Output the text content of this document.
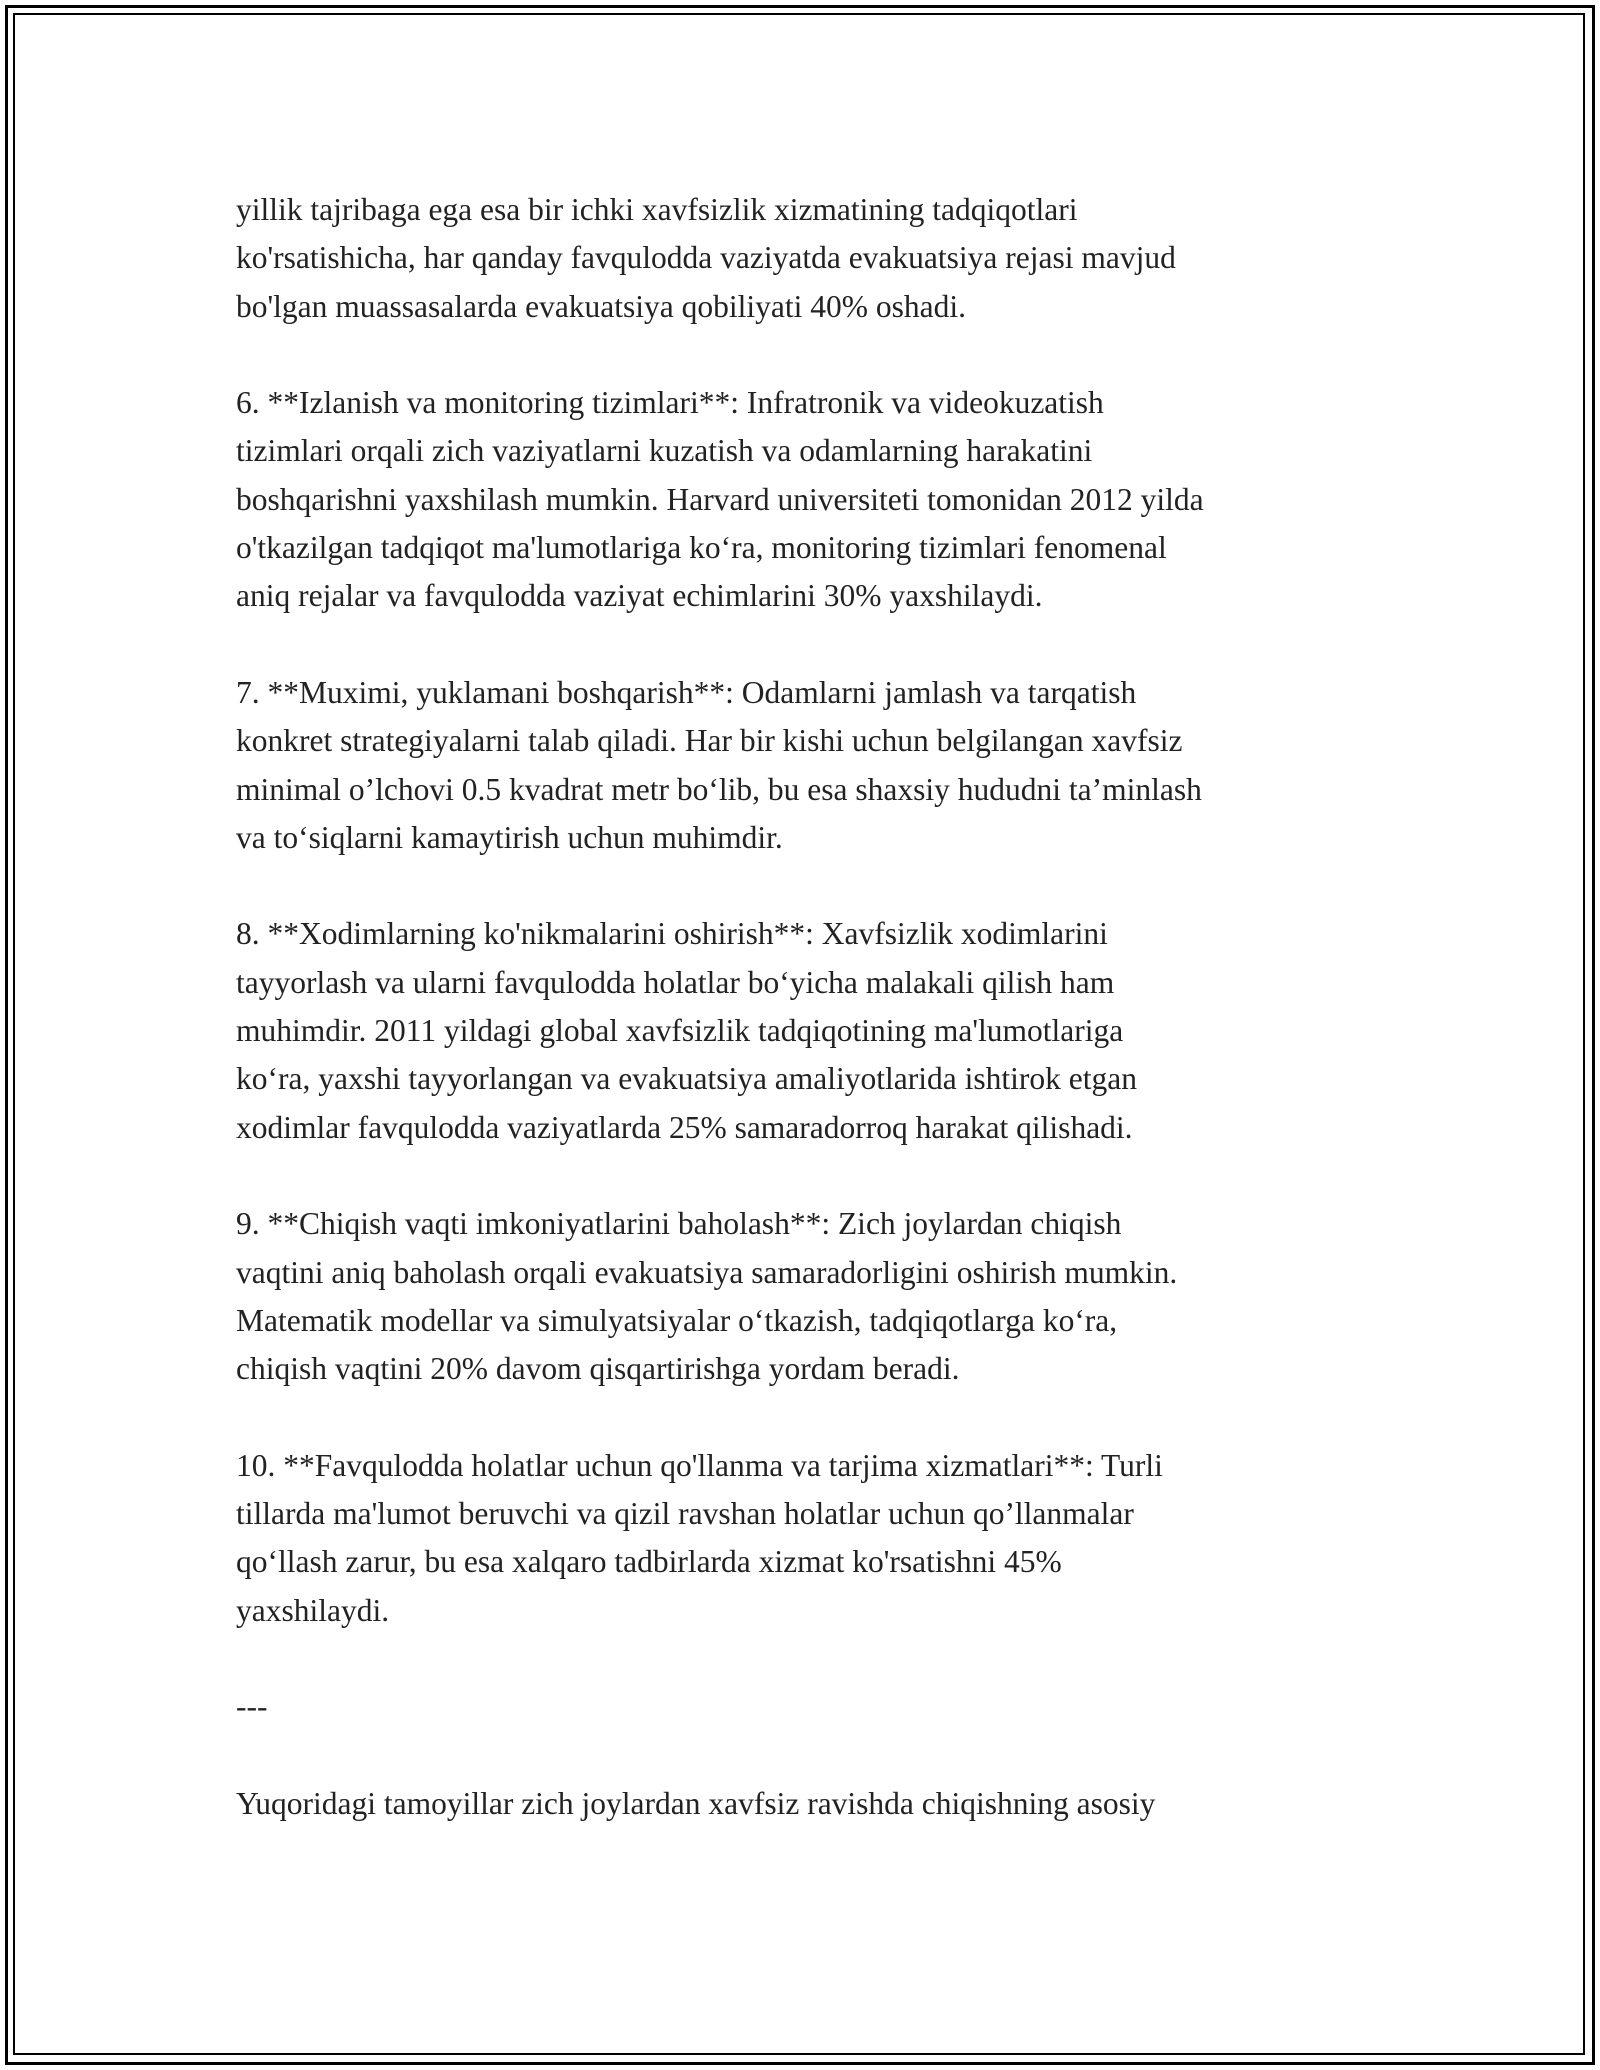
yillik tajribaga ega esa bir ichki xavfsizlik xizmatining tadqiqotlari
ko'rsatishicha, har qanday favqulodda vaziyatda evakuatsiya rejasi mavjud
bo'lgan muassasalarda evakuatsiya qobiliyati 40% oshadi.

6. **Izlanish va monitoring tizimlari**: Infratronik va videokuzatish
tizimlari orqali zich vaziyatlarni kuzatish va odamlarning harakatini
boshqarishni yaxshilash mumkin. Harvard universiteti tomonidan 2012 yilda
o'tkazilgan tadqiqot ma'lumotlariga ko‘ra, monitoring tizimlari fenomenal
aniq rejalar va favqulodda vaziyat echimlarini 30% yaxshilaydi.

7. **Muximi, yuklamani boshqarish**: Odamlarni jamlash va tarqatish
konkret strategiyalarni talab qiladi. Har bir kishi uchun belgilangan xavfsiz
minimal o’lchovi 0.5 kvadrat metr bo‘lib, bu esa shaxsiy hududni ta’minlash
va to‘siqlarni kamaytirish uchun muhimdir.

8. **Xodimlarning ko'nikmalarini oshirish**: Xavfsizlik xodimlarini
tayyorlash va ularni favqulodda holatlar bo‘yicha malakali qilish ham
muhimdir. 2011 yildagi global xavfsizlik tadqiqotining ma'lumotlariga
ko‘ra, yaxshi tayyorlangan va evakuatsiya amaliyotlarida ishtirok etgan
xodimlar favqulodda vaziyatlarda 25% samaradorroq harakat qilishadi.

9. **Chiqish vaqti imkoniyatlarini baholash**: Zich joylardan chiqish
vaqtini aniq baholash orqali evakuatsiya samaradorligini oshirish mumkin.
Matematik modellar va simulyatsiyalar o‘tkazish, tadqiqotlarga ko‘ra,
chiqish vaqtini 20% davom qisqartirishga yordam beradi.

10. **Favqulodda holatlar uchun qo'llanma va tarjima xizmatlari**: Turli
tillarda ma'lumot beruvchi va qizil ravshan holatlar uchun qo’llanmalar
qo‘llash zarur, bu esa xalqaro tadbirlarda xizmat ko'rsatishni 45%
yaxshilaydi.

---

Yuqoridagi tamoyillar zich joylardan xavfsiz ravishda chiqishning asosiy
